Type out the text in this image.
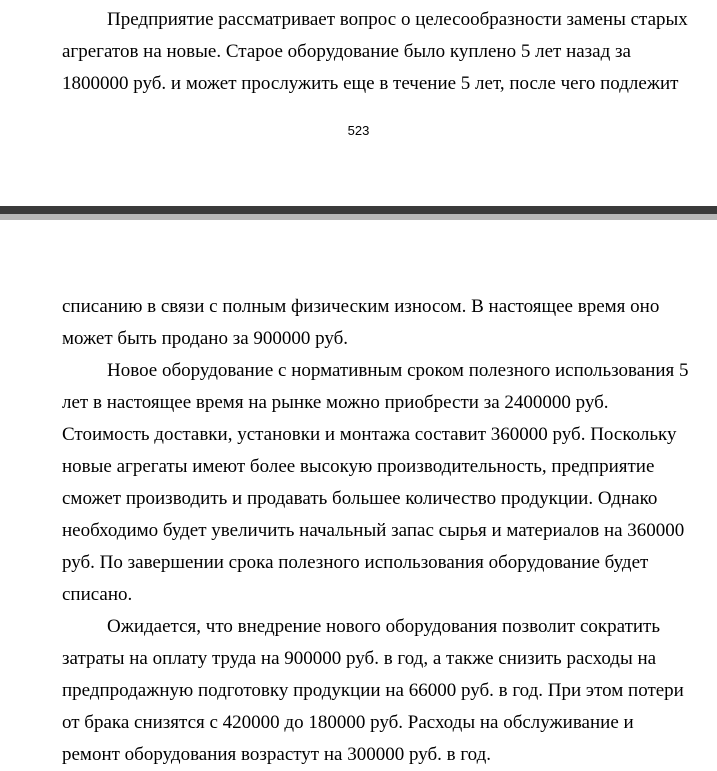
Предприятие рассматривает вопрос о целесообразности замены старых
агрегатов на новые. Старое оборудование было куплено 5 лет назад за
1800000 руб. и может прослужить еще в течение 5 лет, после чего подлежит
523
списанию в связи с полным физическим износом. В настоящее время оно
может быть продано за 900000 руб.
Новое оборудование с нормативным сроком полезного использования 5
лет в настоящее время на рынке можно приобрести за 2400000 руб.
Стоимость доставки, установки и монтажа составит 360000 руб. Поскольку
новые агрегаты имеют более высокую производительность, предприятие
сможет производить и продавать большее количество продукции. Однако
необходимо будет увеличить начальный запас сырья и материалов на 360000
руб. По завершении срока полезного использования оборудование будет
списано.
Ожидается, что внедрение нового оборудования позволит сократить
затраты на оплату труда на 900000 руб. в год, а также снизить расходы на
предпродажную подготовку продукции на 66000 руб. в год. При этом потери
от брака снизятся с 420000 до 180000 руб. Расходы на обслуживание и
ремонт оборудования возрастут на 300000 руб. в год.
